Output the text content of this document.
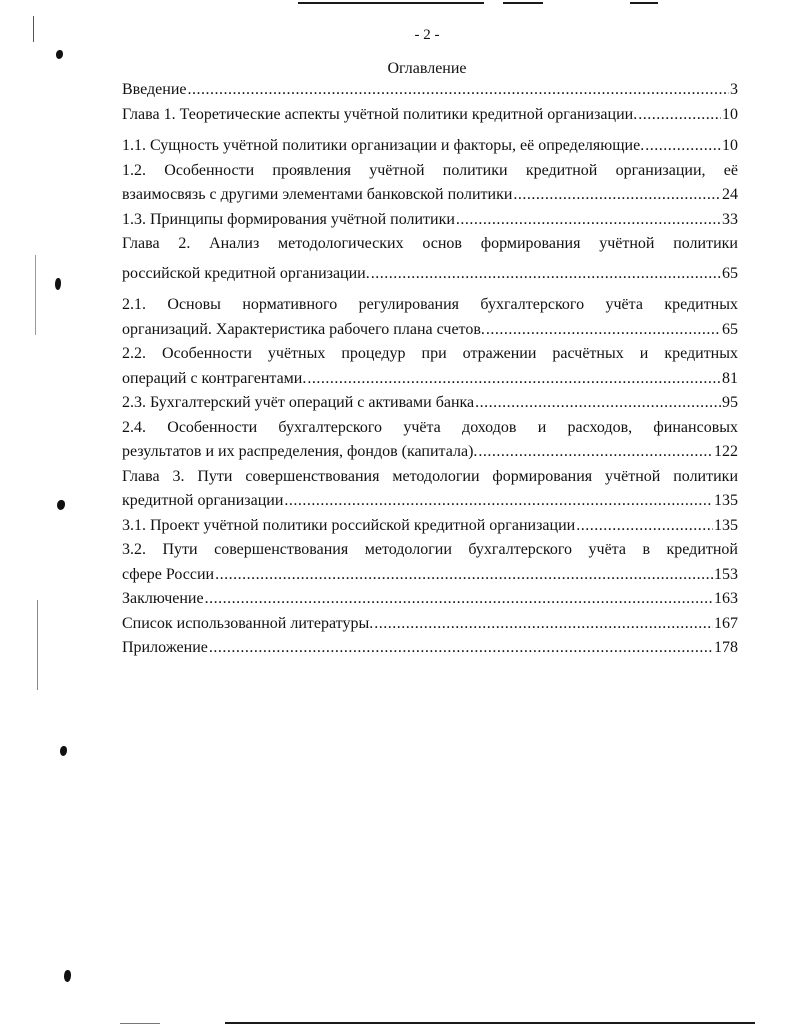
- 2 -
Оглавление
Введение .....	3
Глава 1. Теоретические аспекты учётной политики кредитной организации. .....	10
1.1. Сущность учётной политики организации и факторы, её определяющие. .....	10
1.2. Особенности проявления учётной политики кредитной организации, её
взаимосвязь с другими элементами банковской политики .....	24
1.3. Принципы формирования учётной политики .....	33
Глава 2. Анализ методологических основ формирования учётной политики
российской кредитной организации. .....	65
2.1. Основы нормативного регулирования бухгалтерского учёта кредитных
организаций. Характеристика рабочего плана счетов. .....	65
2.2. Особенности учётных процедур при отражении расчётных и кредитных
операций с контрагентами. .....	81
2.3. Бухгалтерский учёт операций с активами банка .....	95
2.4. Особенности бухгалтерского учёта доходов и расходов, финансовых
результатов и их распределения, фондов (капитала). .....	122
Глава 3. Пути совершенствования методологии формирования учётной политики
кредитной организации .....	135
3.1. Проект учётной политики российской кредитной организации .....	135
3.2. Пути совершенствования методологии бухгалтерского учёта в кредитной
сфере России .....	153
Заключение .....	163
Список использованной литературы. .....	167
Приложение .....	178
